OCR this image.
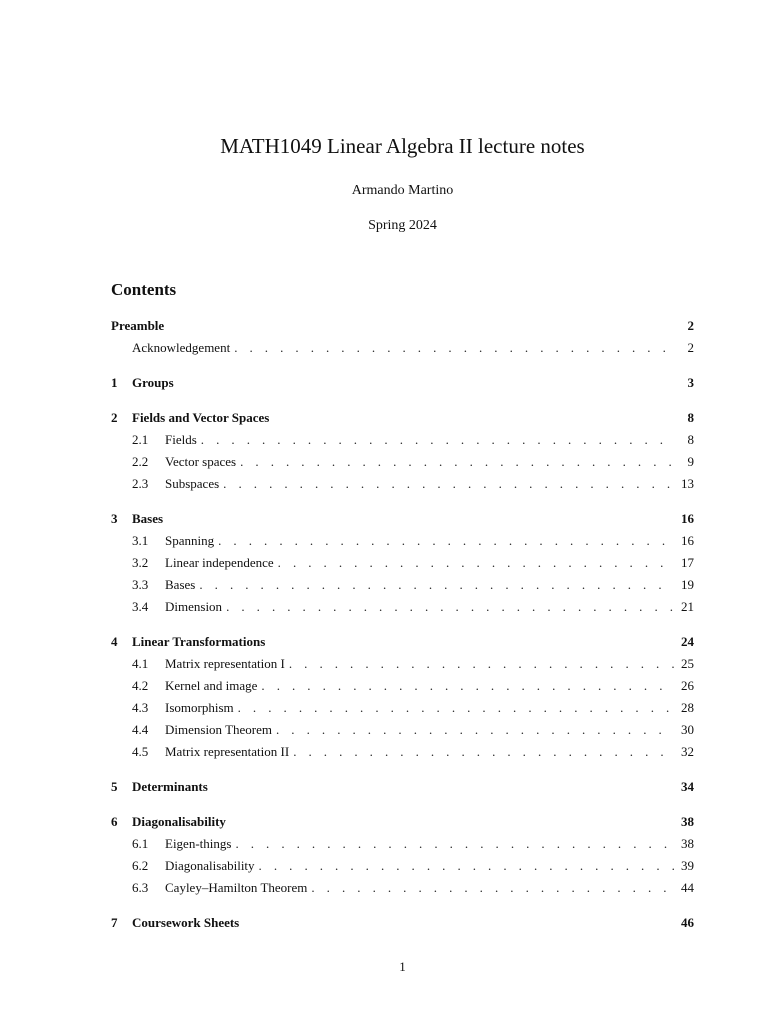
MATH1049 Linear Algebra II lecture notes
Armando Martino
Spring 2024
Contents
Preamble	2
Acknowledgement . . .	2
1	Groups	3
2	Fields and Vector Spaces	8
2.1	Fields . . .	8
2.2	Vector spaces . . .	9
2.3	Subspaces . . .	13
3	Bases	16
3.1	Spanning . . .	16
3.2	Linear independence . . .	17
3.3	Bases . . .	19
3.4	Dimension . . .	21
4	Linear Transformations	24
4.1	Matrix representation I . . .	25
4.2	Kernel and image . . .	26
4.3	Isomorphism . . .	28
4.4	Dimension Theorem . . .	30
4.5	Matrix representation II . . .	32
5	Determinants	34
6	Diagonalisability	38
6.1	Eigen-things . . .	38
6.2	Diagonalisability . . .	39
6.3	Cayley–Hamilton Theorem . . .	44
7	Coursework Sheets	46
1
